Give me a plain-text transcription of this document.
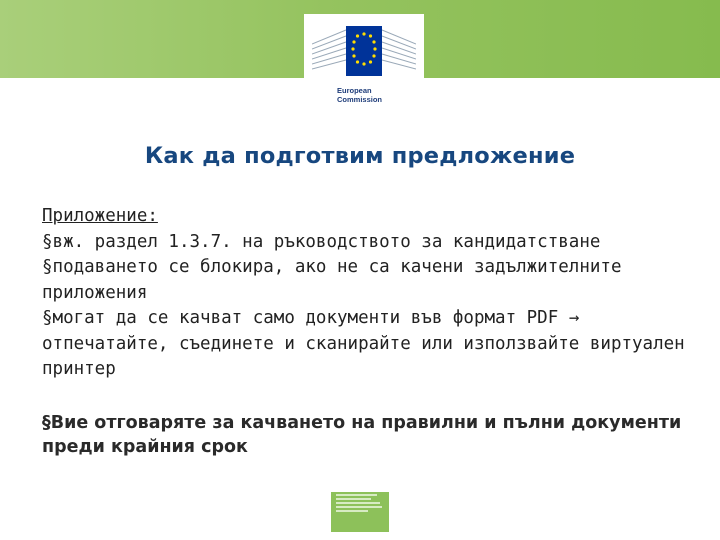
European
Commission
Как да подготвим предложение

Приложение:

§вж. раздел 1.3.7. на ръководството за кандидатстване

§подаването се блокира, ако не са качени задължителните приложения

§могат да се качват само документи във формат PDF →

отпечатайте, съединете и сканирайте или използвайте виртуален принтер

§Вие отговаряте за качването на правилни и пълни документи преди крайния срок
